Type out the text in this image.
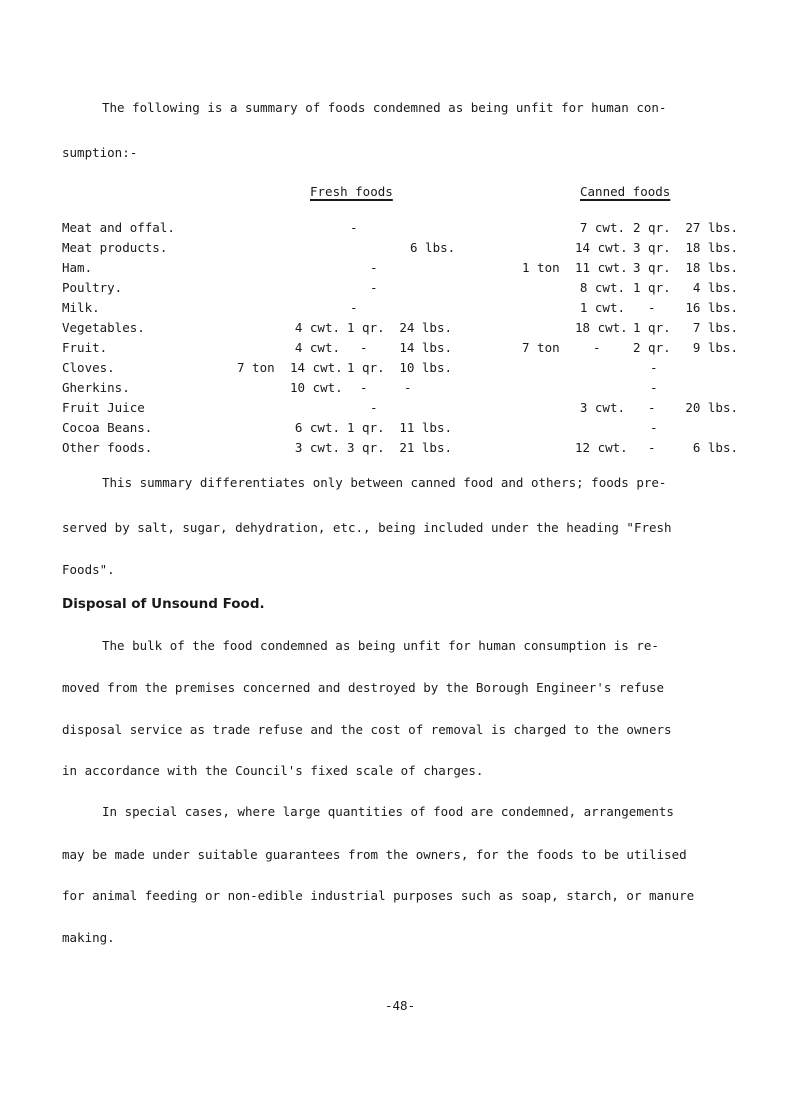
The following is a summary of foods condemned as being unfit for human con-
sumption:-
Fresh foods	Canned foods
Meat and offal.	-	7 cwt. 2 qr.	27 lbs.
Meat products.	6 lbs.	14 cwt. 3 qr.	18 lbs.
Ham.	-	1 ton 11 cwt. 3 qr.	18 lbs.
Poultry.	-	8 cwt. 1 qr.	4 lbs.
Milk.	-	1 cwt. -	16 lbs.
Vegetables.	4 cwt. 1 qr.	24 lbs.	18 cwt. 1 qr.	7 lbs.
Fruit.	4 cwt. -	14 lbs.	7 ton	-	2 qr.	9 lbs.
Cloves.	7 ton 14 cwt. 1 qr.	10 lbs.	-
Gherkins.	10 cwt. -	-	-
Fruit Juice	-	3 cwt. -	20 lbs.
Cocoa Beans.	6 cwt. 1 qr.	11 lbs.	-
Other foods.	3 cwt. 3 qr.	21 lbs.	12 cwt. -	6 lbs.
This summary differentiates only between canned food and others; foods pre-
served by salt, sugar, dehydration, etc., being included under the heading "Fresh
Foods".
Disposal of Unsound Food.
The bulk of the food condemned as being unfit for human consumption is re-
moved from the premises concerned and destroyed by the Borough Engineer's refuse
disposal service as trade refuse and the cost of removal is charged to the owners
in accordance with the Council's fixed scale of charges.
In special cases, where large quantities of food are condemned, arrangements
may be made under suitable guarantees from the owners, for the foods to be utilised
for animal feeding or non-edible industrial purposes such as soap, starch, or manure
making.
-48-
